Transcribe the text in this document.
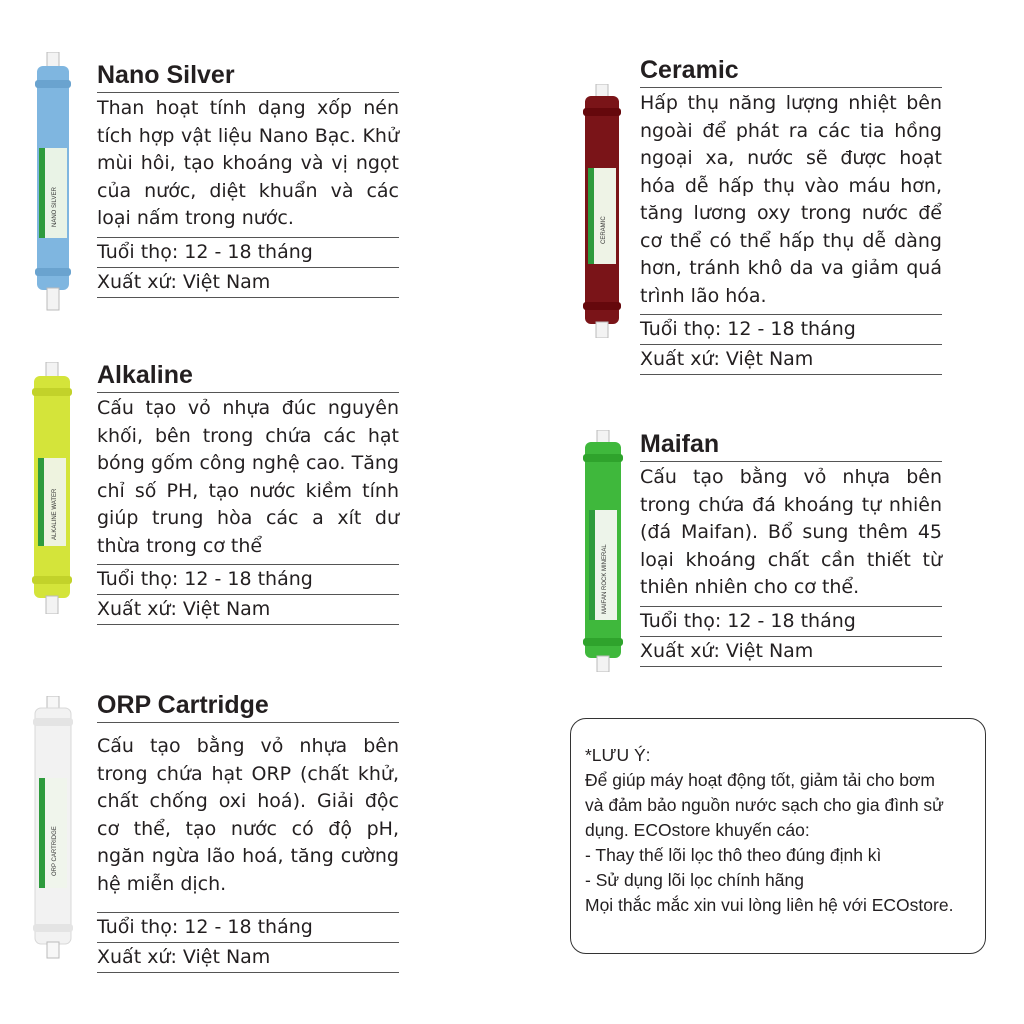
NANO SILVER
ALKALINE WATER
ORP CARTRIDGE
CERAMIC
MAIFAN ROCK MINERAL
Nano Silver
Than hoạt tính dạng xốp nén tích hợp vật liệu Nano Bạc. Khử mùi hôi, tạo khoáng và vị ngọt của nước, diệt khuẩn và các loại nấm trong nước.
Tuổi thọ: 12 - 18 tháng
Xuất xứ: Việt Nam
Alkaline
Cấu tạo vỏ nhựa đúc nguyên khối, bên trong chứa các hạt bóng gốm công nghệ cao. Tăng chỉ số PH, tạo nước kiềm tính giúp trung hòa các a xít dư thừa trong cơ thể
Tuổi thọ: 12 - 18 tháng
Xuất xứ: Việt Nam
ORP Cartridge
Cấu tạo bằng vỏ nhựa bên trong chứa hạt ORP (chất khử, chất chống oxi hoá). Giải độc cơ thể, tạo nước có độ pH, ngăn ngừa lão hoá, tăng cường hệ miễn dịch.
Tuổi thọ: 12 - 18 tháng
Xuất xứ: Việt Nam
Ceramic
Hấp thụ năng lượng nhiệt bên ngoài để phát ra các tia hồng ngoại xa, nước sẽ được hoạt hóa dễ hấp thụ vào máu hơn, tăng lương oxy trong nước để cơ thể có thể hấp thụ dễ dàng hơn, tránh khô da va giảm quá trình lão hóa.
Tuổi thọ: 12 - 18 tháng
Xuất xứ: Việt Nam
Maifan
Cấu tạo bằng vỏ nhựa bên trong chứa đá khoáng tự nhiên (đá Maifan). Bổ sung thêm 45 loại khoáng chất cần thiết từ thiên nhiên cho cơ thể.
Tuổi thọ: 12 - 18 tháng
Xuất xứ: Việt Nam
*LƯU Ý:
Để giúp máy hoạt động tốt, giảm tải cho bơm
và đảm bảo nguồn nước sạch cho gia đình sử
dụng. ECOstore khuyến cáo:
- Thay thế lõi lọc thô theo đúng định kì
- Sử dụng lõi lọc chính hãng
Mọi thắc mắc xin vui lòng liên hệ với ECOstore.
